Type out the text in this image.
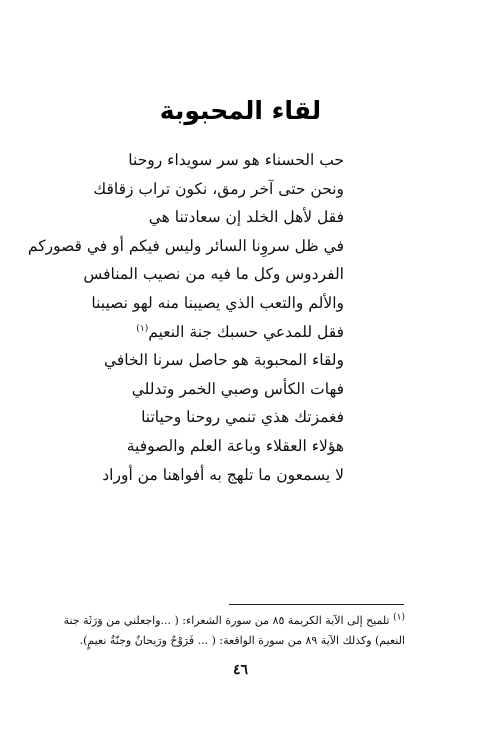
لقاء المحبوبة
حب الحسناء هو سر سويداء روحنا
ونحن حتى آخر رمق، نكون تراب زقاقك
فقل لأهل الخلد إن سعادتنا هي
في ظل سروِنا السائر وليس فيكم أو في قصوركم
الفردوس وكل ما فيه من نصيب المنافس
والألم والتعب الذي يصيبنا منه لهو نصيبنا
فقل للمدعي حسبك جنة النعيم$^{(١)}$
ولقاء المحبوبة هو حاصل سرنا الخافي
فهات الكأس وصبي الخمر وتدللي
فغمزتك هذي تنمي روحنا وحياتنا
هؤلاء العقلاء وباعة العلم والصوفية
لا يسمعون ما تلهج به أفواهنا من أوراد
$^{(١)}$ تلميح إلى الآية الكريمة ٨٥ من سورة الشعراء: ( ...واجعلني من وَرَثَة جنة
النعيم) وكذلك الآية ٨٩ من سورة الواقعة: ( ... فَرَوْحٌ ورَيحانٌ وجنّةُ نعيمٍ).
٤٦
